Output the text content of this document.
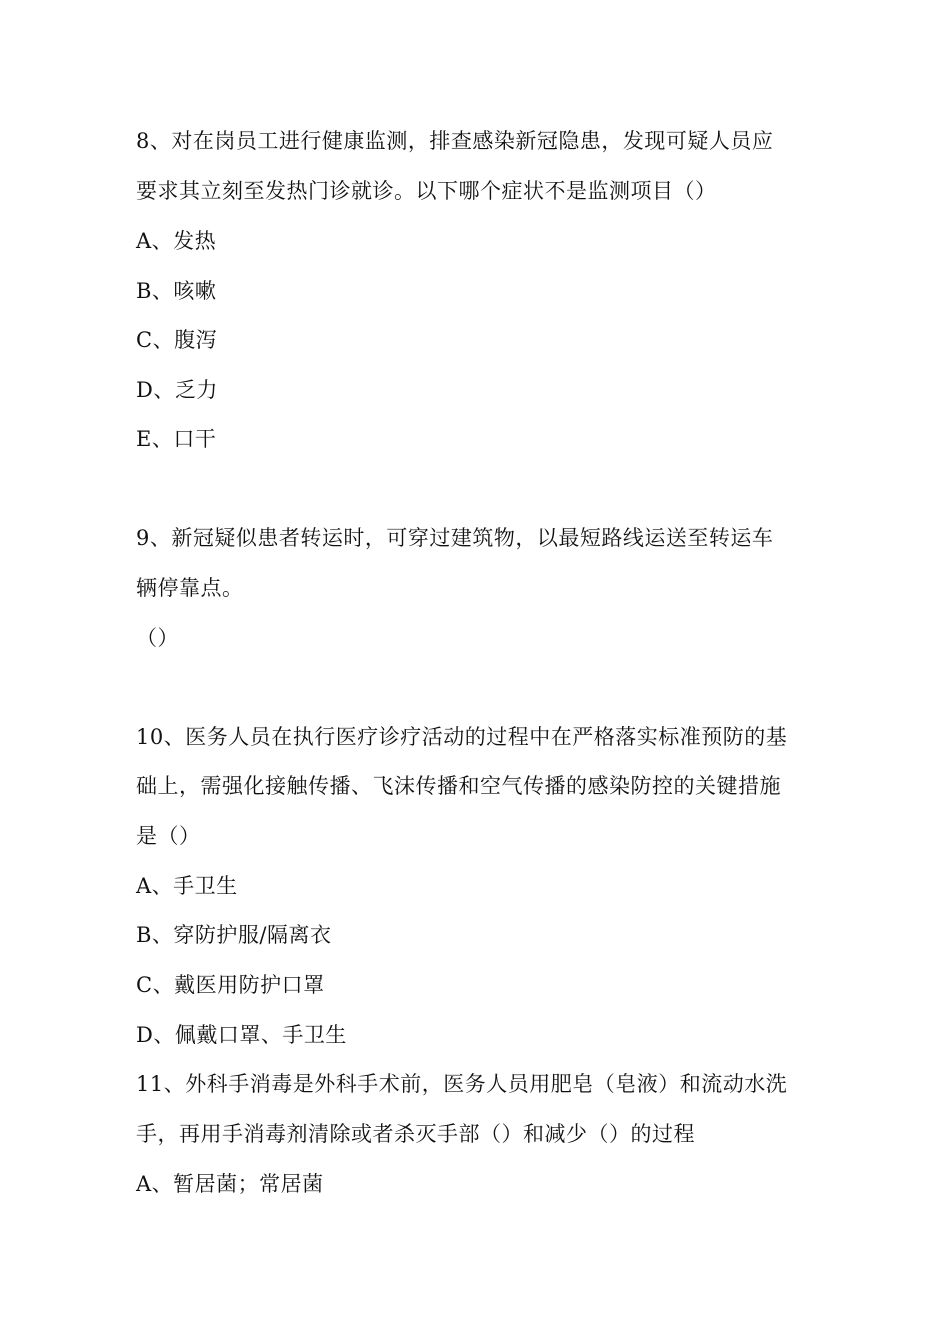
8、对在岗员工进行健康监测，排查感染新冠隐患，发现可疑人员应
要求其立刻至发热门诊就诊。以下哪个症状不是监测项目（）
A、发热
B、咳嗽
C、腹泻
D、乏力
E、口干
9、新冠疑似患者转运时，可穿过建筑物，以最短路线运送至转运车
辆停靠点。
（）
10、医务人员在执行医疗诊疗活动的过程中在严格落实标准预防的基
础上，需强化接触传播、飞沫传播和空气传播的感染防控的关键措施
是（）
A、手卫生
B、穿防护服/隔离衣
C、戴医用防护口罩
D、佩戴口罩、手卫生
11、外科手消毒是外科手术前，医务人员用肥皂（皂液）和流动水洗
手，再用手消毒剂清除或者杀灭手部（）和减少（）的过程
A、暂居菌；常居菌
